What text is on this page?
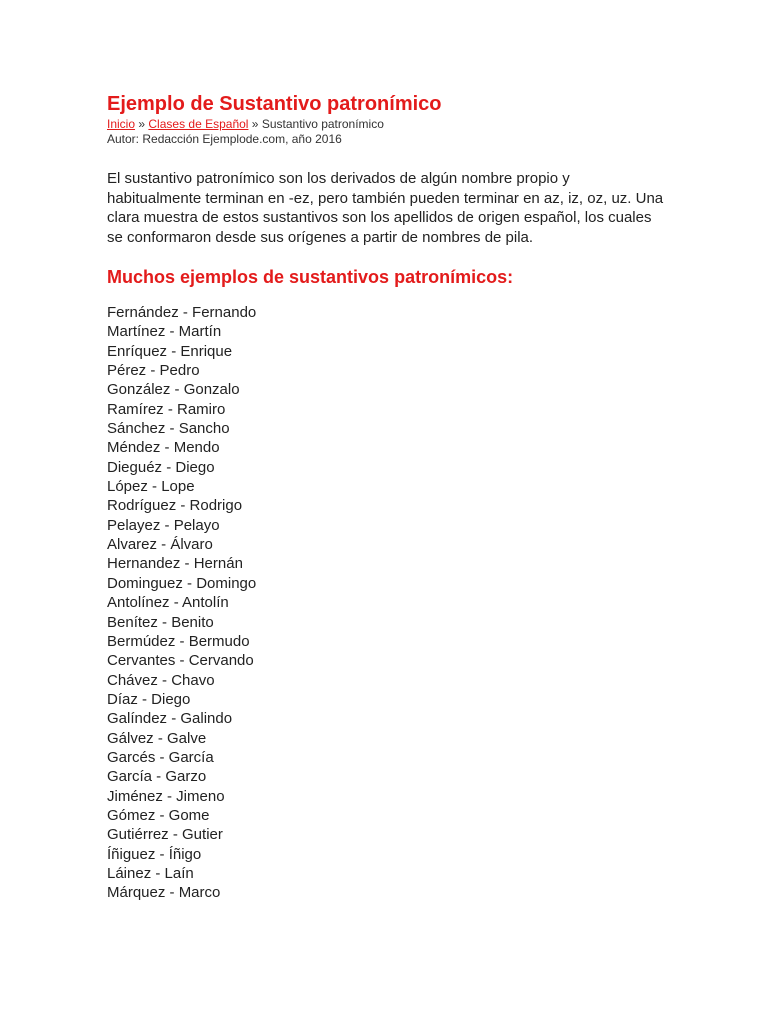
Ejemplo de Sustantivo patronímico
Inicio » Clases de Español » Sustantivo patronímico
Autor: Redacción Ejemplode.com, año 2016

El sustantivo patronímico son los derivados de algún nombre propio y habitualmente terminan en -ez, pero también pueden terminar en az, iz, oz, uz. Una clara muestra de estos sustantivos son los apellidos de origen español, los cuales se conformaron desde sus orígenes a partir de nombres de pila.

Muchos ejemplos de sustantivos patronímicos:
Fernández - Fernando
Martínez - Martín
Enríquez - Enrique
Pérez - Pedro
González - Gonzalo
Ramírez - Ramiro
Sánchez - Sancho
Méndez - Mendo
Dieguéz - Diego
López - Lope
Rodríguez - Rodrigo
Pelayez - Pelayo
Alvarez - Álvaro
Hernandez - Hernán
Dominguez - Domingo
Antolínez - Antolín
Benítez - Benito
Bermúdez - Bermudo
Cervantes - Cervando
Chávez - Chavo
Díaz - Diego
Galíndez - Galindo
Gálvez - Galve
Garcés - García
García - Garzo
Jiménez - Jimeno
Gómez - Gome
Gutiérrez - Gutier
Íñiguez - Íñigo
Láinez - Laín
Márquez - Marco
